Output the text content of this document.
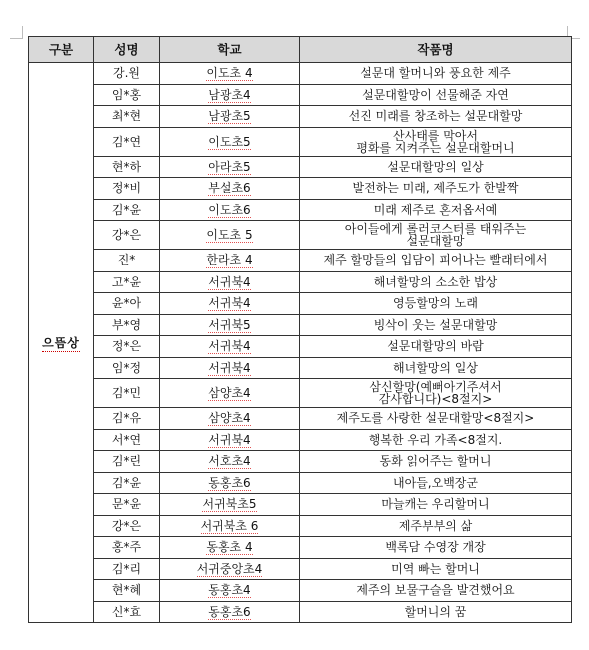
구분	성명	학교	작품명
으뜸상	강.원	이도초 4	설문대 할머니와 풍요한 제주
	임*홍	남광초4	설문대할망이 선물해준 자연
	최*현	남광초5	선진 미래를 창조하는 설문대할망
	김*연	이도초5	산사태를 막아서
평화를 지켜주는 설문대할머니
	현*하	아라초5	설문대할망의 일상
	정*비	부설초6	발전하는 미래, 제주도가 한발짝
	김*윤	이도초6	미래 제주로 혼저옵서예
	강*은	이도초 5	아이들에게 롤러코스터를 태워주는
설문대할망
	진*	한라초 4	제주 할망들의 입담이 피어나는 빨래터에서
	고*윤	서귀북4	해녀할망의 소소한 밥상
	윤*아	서귀북4	영등할망의 노래
	부*영	서귀북5	빙삭이 웃는 설문대할망
	정*은	서귀북4	설문대할망의 바람
	임*정	서귀북4	해녀할망의 일상
	김*민	삼양초4	삼신할망(예뻐아기주셔서
감사합니다)<8절지>
	김*유	삼양초4	제주도를 사랑한 설문대할망<8절지>
	서*연	서귀북4	행복한 우리 가족<8절지.
	김*린	서호초4	동화 읽어주는 할머니
	김*윤	동홍초6	내아들,오백장군
	문*윤	서귀북초5	마늘캐는 우리할머니
	강*은	서귀북초 6	제주부부의 삶
	홍*주	동홍초 4	백록담 수영장 개장
	김*리	서귀중앙초4	미역 빠는 할머니
	현*혜	동홍초4	제주의 보물구슬을 발견했어요
	신*효	동홍초6	할머니의 꿈
